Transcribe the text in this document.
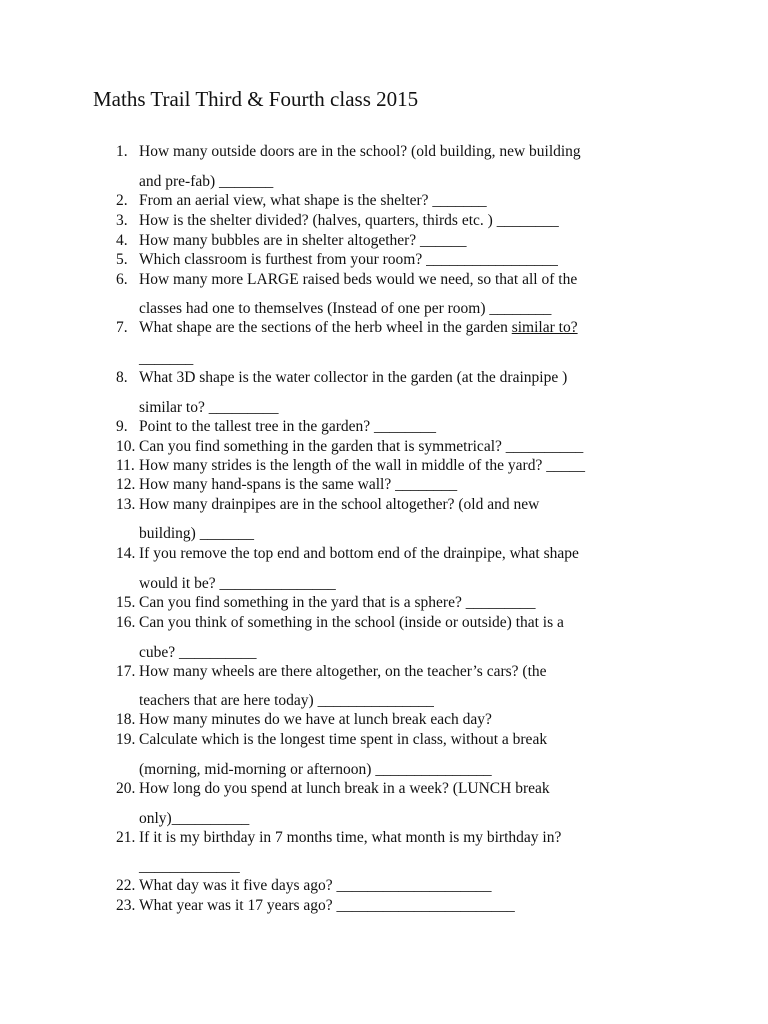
Maths Trail Third & Fourth class 2015
1. How many outside doors are in the school? (old building, new building
and pre-fab) _______
2. From an aerial view, what shape is the shelter? _______
3. How is the shelter divided? (halves, quarters, thirds etc. ) ________
4. How many bubbles are in shelter altogether? ______
5. Which classroom is furthest from your room? _________________
6. How many more LARGE raised beds would we need, so that all of the
classes had one to themselves (Instead of one per room) ________
7. What shape are the sections of the herb wheel in the garden similar to?
_______
8. What 3D shape is the water collector in the garden (at the drainpipe )
similar to? _________
9. Point to the tallest tree in the garden? ________
10. Can you find something in the garden that is symmetrical? __________
11. How many strides is the length of the wall in middle of the yard? _____
12. How many hand-spans is the same wall? ________
13. How many drainpipes are in the school altogether? (old and new
building) _______
14. If you remove the top end and bottom end of the drainpipe, what shape
would it be? _______________
15. Can you find something in the yard that is a sphere? _________
16. Can you think of something in the school (inside or outside) that is a
cube? __________
17. How many wheels are there altogether, on the teacher’s cars? (the
teachers that are here today) _______________
18. How many minutes do we have at lunch break each day?
19. Calculate which is the longest time spent in class, without a break
(morning, mid-morning or afternoon) _______________
20. How long do you spend at lunch break in a week? (LUNCH break
only)__________
21. If it is my birthday in 7 months time, what month is my birthday in?
_____________
22. What day was it five days ago? ____________________
23. What year was it 17 years ago? _______________________
